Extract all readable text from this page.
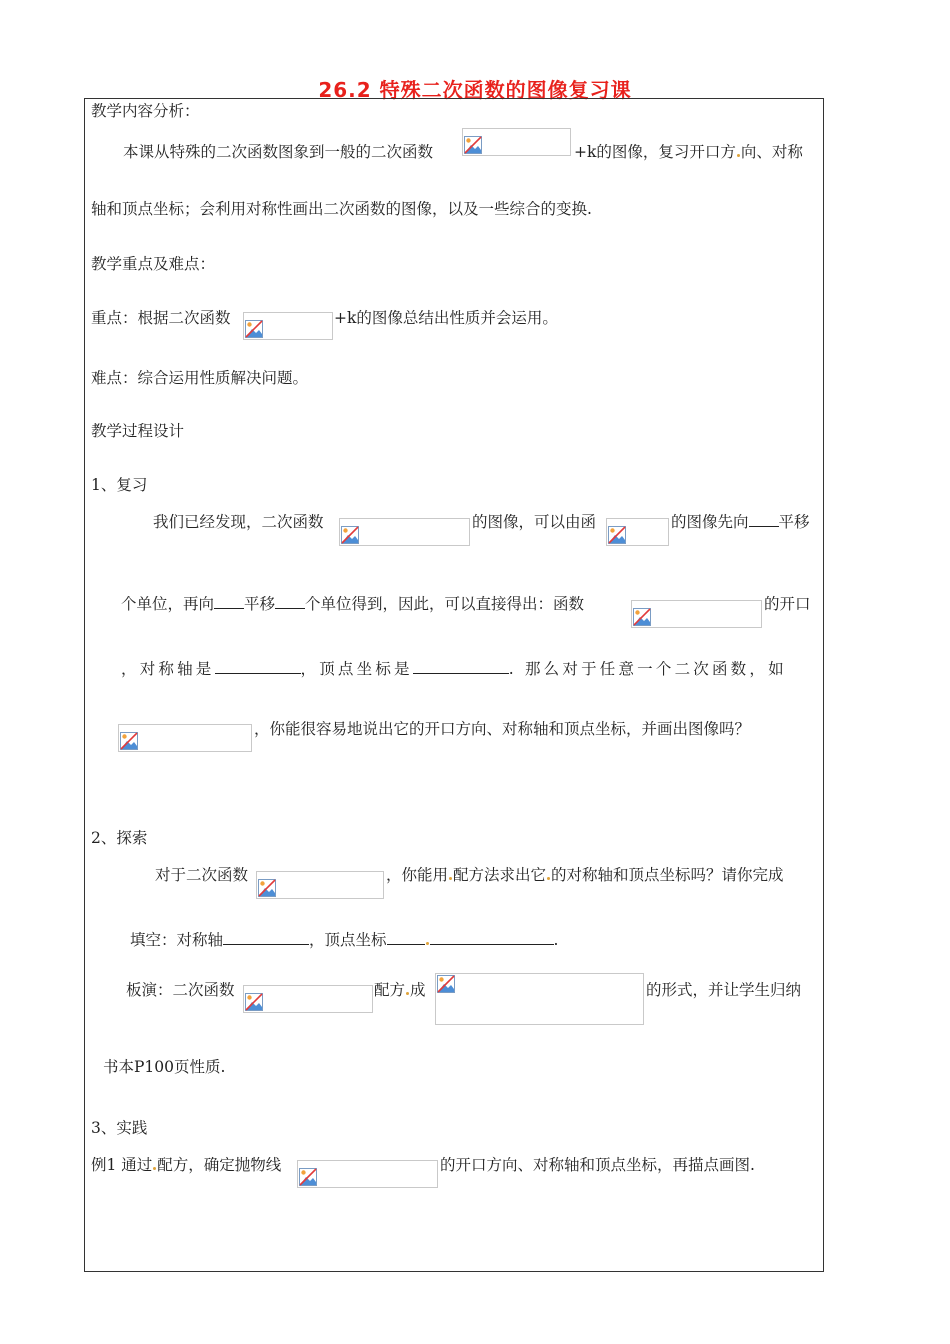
26.2 特殊二次函数的图像复习课
教学内容分析：
本课从特殊的二次函数图象到一般的二次函数	+k的图像，复习开口方 向、对称
轴和顶点坐标；会利用对称性画出二次函数的图像，以及一些综合的变换.
教学重点及难点：
重点：根据二次函数	+k的图像总结出性质并会运用。
难点：综合运用性质解决问题。
教学过程设计
1、复习
我们已经发现，二次函数	的图像，可以由函	的图像先向 平移
个单位，再向 平移 个单位得到，因此，可以直接得出：函数	的开口
，对称轴是	，顶点坐标是	. 那么对于任意一个二次函数，如
，你能很容易地说出它的开口方向、对称轴和顶点坐标，并画出图像吗？
2、探索
对于二次函数	，你能用 配方法求出它 的对称轴和顶点坐标吗？请你完成
填空：对称轴	，顶点坐标	.
板演：二次函数	配方 成	的形式，并让学生归纳
书本P100页性质.
3、实践
例1 通过 配方，确定抛物线	的开口方向、对称轴和顶点坐标，再描点画图.
